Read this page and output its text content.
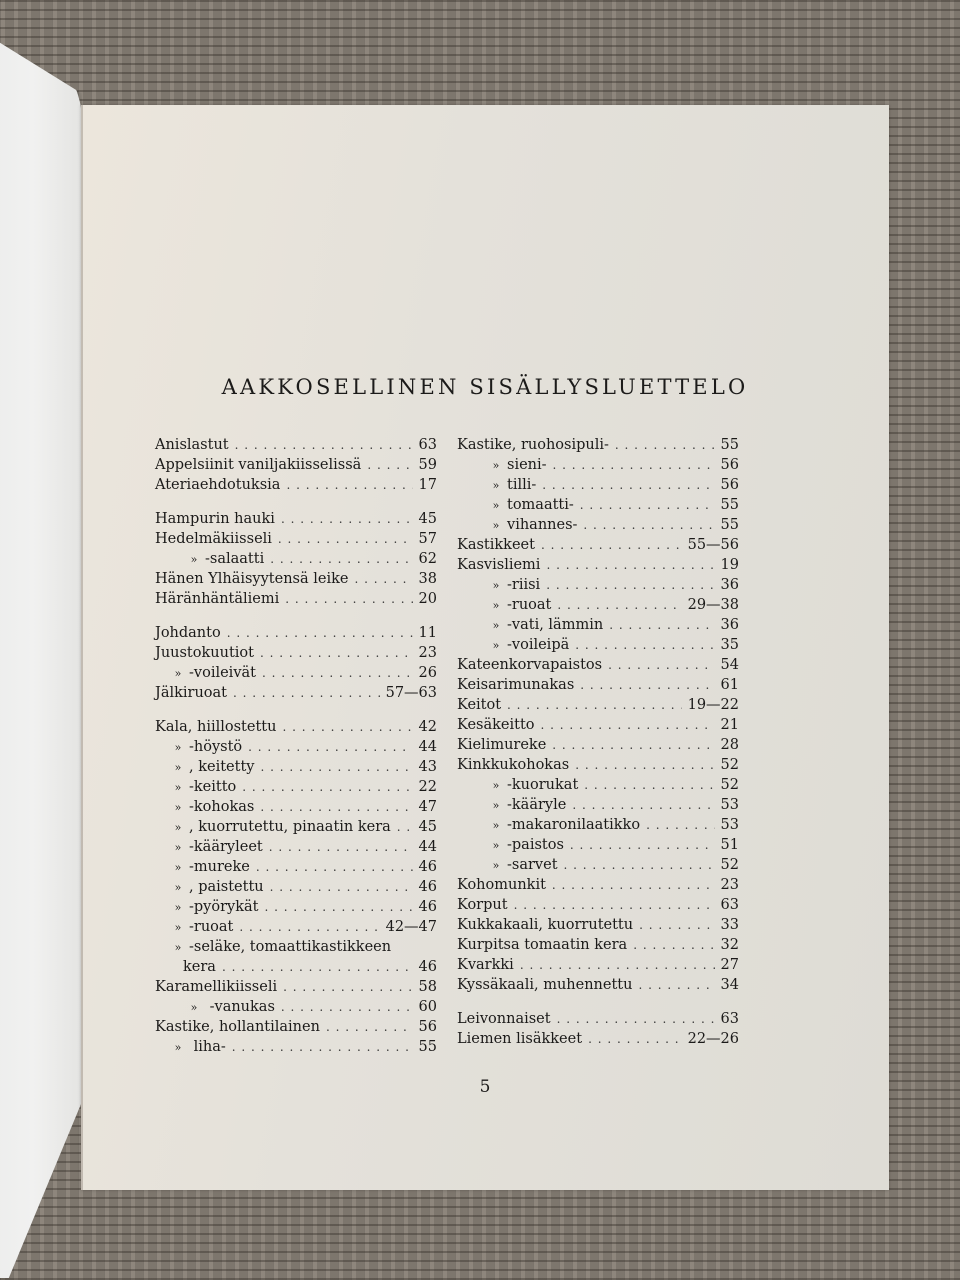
AAKKOSELLINEN SISÄLLYSLUETTELO
Anislastut . . .	63
Appelsiinit vaniljakiisselissä . . .	59
Ateriaehdotuksia . . .	17
Hampurin hauki . . .	45
Hedelmäkiisseli . . .	57
» -salaatti . . .	62
Hänen Ylhäisyytensä leike . . .	38
Häränhäntäliemi . . .	20
Johdanto . . .	11
Juustokuutiot . . .	23
» -voileivät . . .	26
Jälkiruoat . . .	57—63
Kala, hiillostettu . . .	42
» -höystö . . .	44
» , keitetty . . .	43
» -keitto . . .	22
» -kohokas . . .	47
» , kuorrutettu, pinaatin kera . . . 45
» -kääryleet . . .	44
» -mureke . . .	46
» , paistettu . . .	46
» -pyörykät . . .	46
» -ruoat . . .	42—47
» -seläke, tomaattikastikkeen
kera . . .	46
Karamellikiisseli . . .	58
» -vanukas . . .	60
Kastike, hollantilainen . . .	56
» liha- . . .	55
Kastike, ruohosipuli- . . .	55
» sieni- . . .	56
» tilli- . . .	56
» tomaatti- . . .	55
» vihannes- . . .	55
Kastikkeet . . .	55—56
Kasvisliemi . . .	19
» -riisi . . .	36
» -ruoat . . .	29—38
» -vati, lämmin . . .	36
» -voileipä . . .	35
Kateenkorvapaistos . . .	54
Keisarimunakas . . .	61
Keitot . . .	19—22
Kesäkeitto . . .	21
Kielimureke . . .	28
Kinkkukohokas . . .	52
» -kuorukat . . .	52
» -kääryle . . .	53
» -makaronilaatikko . . .	53
» -paistos . . .	51
» -sarvet . . .	52
Kohomunkit . . .	23
Korput . . .	63
Kukkakaali, kuorrutettu . . .	33
Kurpitsa tomaatin kera . . .	32
Kvarkki . . .	27
Kyssäkaali, muhennettu . . .	34
Leivonnaiset . . .	63
Liemen lisäkkeet . . .	22—26
5
